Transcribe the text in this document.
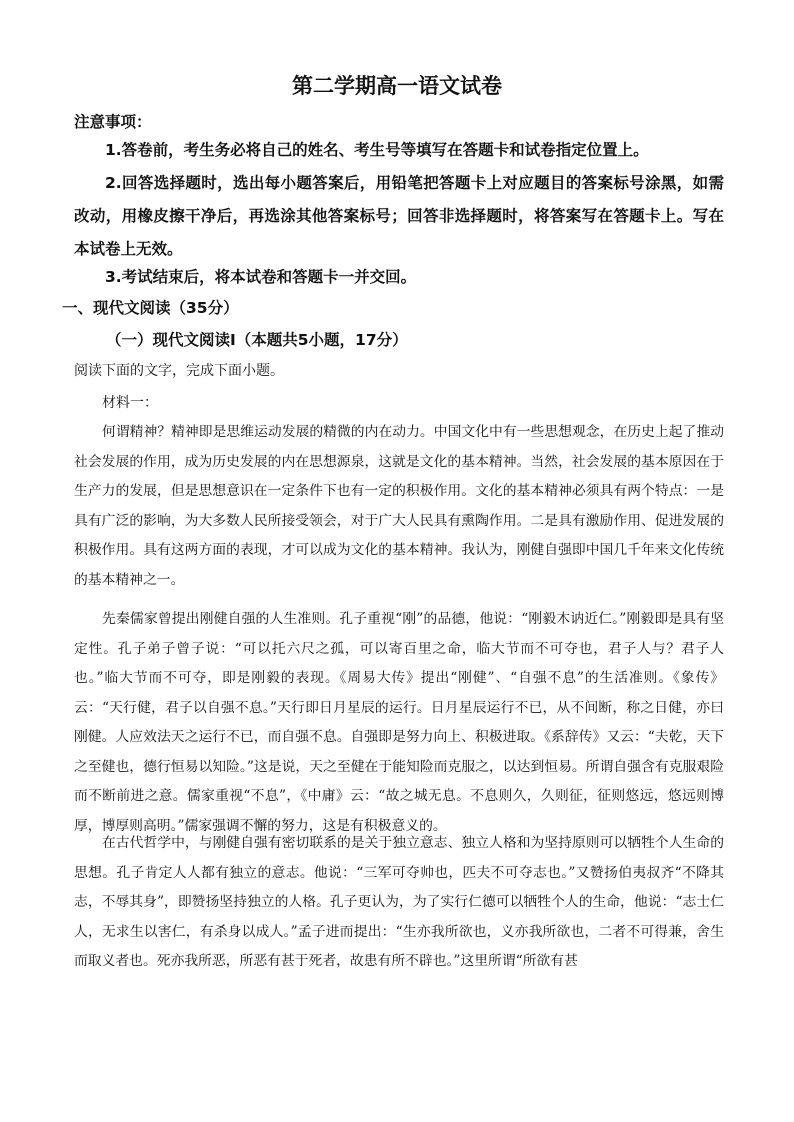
第二学期高一语文试卷
注意事项：
1.答卷前，考生务必将自己的姓名、考生号等填写在答题卡和试卷指定位置上。
2.回答选择题时，选出每小题答案后，用铅笔把答题卡上对应题目的答案标号涂黑，如需改动，用橡皮擦干净后，再选涂其他答案标号；回答非选择题时，将答案写在答题卡上。写在本试卷上无效。
3.考试结束后，将本试卷和答题卡一并交回。
一、现代文阅读（35分）
（一）现代文阅读Ⅰ（本题共5小题，17分）
阅读下面的文字，完成下面小题。
材料一：
何谓精神？精神即是思维运动发展的精微的内在动力。中国文化中有一些思想观念，在历史上起了推动社会发展的作用，成为历史发展的内在思想源泉，这就是文化的基本精神。当然，社会发展的基本原因在于生产力的发展，但是思想意识在一定条件下也有一定的积极作用。文化的基本精神必须具有两个特点：一是具有广泛的影响，为大多数人民所接受领会，对于广大人民具有熏陶作用。二是具有激励作用、促进发展的积极作用。具有这两方面的表现，才可以成为文化的基本精神。我认为，刚健自强即中国几千年来文化传统的基本精神之一。
先秦儒家曾提出刚健自强的人生准则。孔子重视“刚”的品德，他说：“刚毅木讷近仁。”刚毅即是具有坚定性。孔子弟子曾子说：“可以托六尺之孤，可以寄百里之命，临大节而不可夺也，君子人与？君子人也。”临大节而不可夺，即是刚毅的表现。《周易大传》提出“刚健”、“自强不息”的生活准则。《象传》云：“天行健，君子以自强不息。”天行即日月星辰的运行。日月星辰运行不已，从不间断，称之日健，亦曰刚健。人应效法天之运行不已，而自强不息。自强即是努力向上、积极进取。《系辞传》又云：“夫乾，天下之至健也，德行恒易以知险。”这是说，天之至健在于能知险而克服之，以达到恒易。所谓自强含有克服艰险而不断前进之意。儒家重视“不息”，《中庸》云：“故之城无息。不息则久，久则征，征则悠远，悠远则博厚，博厚则高明。”儒家强调不懈的努力，这是有积极意义的。
在古代哲学中，与刚健自强有密切联系的是关于独立意志、独立人格和为坚持原则可以牺牲个人生命的思想。孔子肯定人人都有独立的意志。他说：“三军可夺帅也，匹夫不可夺志也。”又赞扬伯夷叔齐“不降其志，不辱其身”，即赞扬坚持独立的人格。孔子更认为，为了实行仁德可以牺牲个人的生命，他说：“志士仁人，无求生以害仁，有杀身以成人。”孟子进而提出：“生亦我所欲也，义亦我所欲也，二者不可得兼，舍生而取义者也。死亦我所恶，所恶有甚于死者，故患有所不辟也。”这里所谓“所欲有甚
